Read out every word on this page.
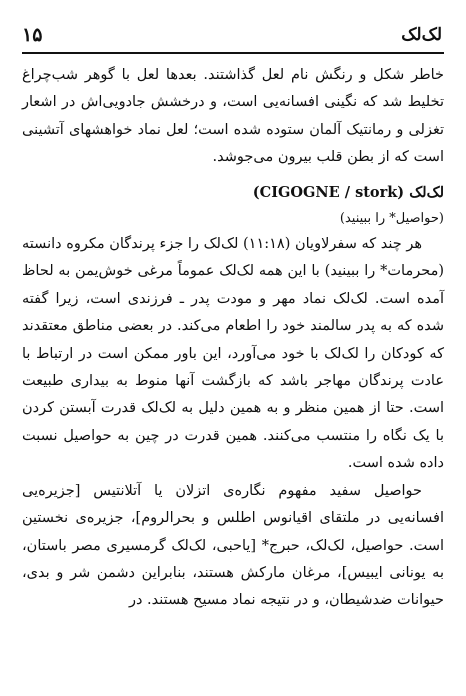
۱۵	لک‌لک

خاطر شکل و رنگش نام لعل گذاشتند. بعدها لعل با گوهر شب‌چراغ تخلیط شد که نگینی افسانه‌یی است، و درخشش جادویی‌اش در اشعار تغزلی و رمانتیک آلمان ستوده شده است؛ لعل نماد خواهشهای آتشینی است که از بطن قلب بیرون می‌جوشد.

لک‌لک (CIGOGNE / stork)

(حواصیل* را ببینید)

هر چند که سفرلاویان (۱۱:۱۸) لک‌لک را جزء پرندگان مکروه دانسته (محرمات* را ببینید) با این همه لک‌لک عموماً مرغی خوش‌یمن به لحاظ آمده است. لک‌لک نماد مهر و مودت پدر ـ فرزندی است، زیرا گفته شده که به پدر سالمند خود را اطعام می‌کند. در بعضی مناطق معتقدند که کودکان را لک‌لک با خود می‌آورد، این باور ممکن است در ارتباط با عادت پرندگان مهاجر باشد که بازگشت آنها منوط به بیداری طبیعت است. حتا از همین منظر و به همین دلیل به لک‌لک قدرت آبستن کردن با یک نگاه را منتسب می‌کنند. همین قدرت در چین به حواصیل نسبت داده شده است.

حواصیل سفید مفهوم نگاره‌ی اتزلان یا آتلانتیس [جزیره‌یی افسانه‌یی در ملتقای اقیانوس اطلس و بحرالروم]، جزیره‌ی نخستین است. حواصیل، لک‌لک، حبرج* [یاحبی، لک‌لک گرمسیری مصر باستان، به یونانی ایبیس]، مرغان مارکش هستند، بنابراین دشمن شر و بدی، حیوانات ضدشیطان، و در نتیجه نماد مسیح هستند. در
